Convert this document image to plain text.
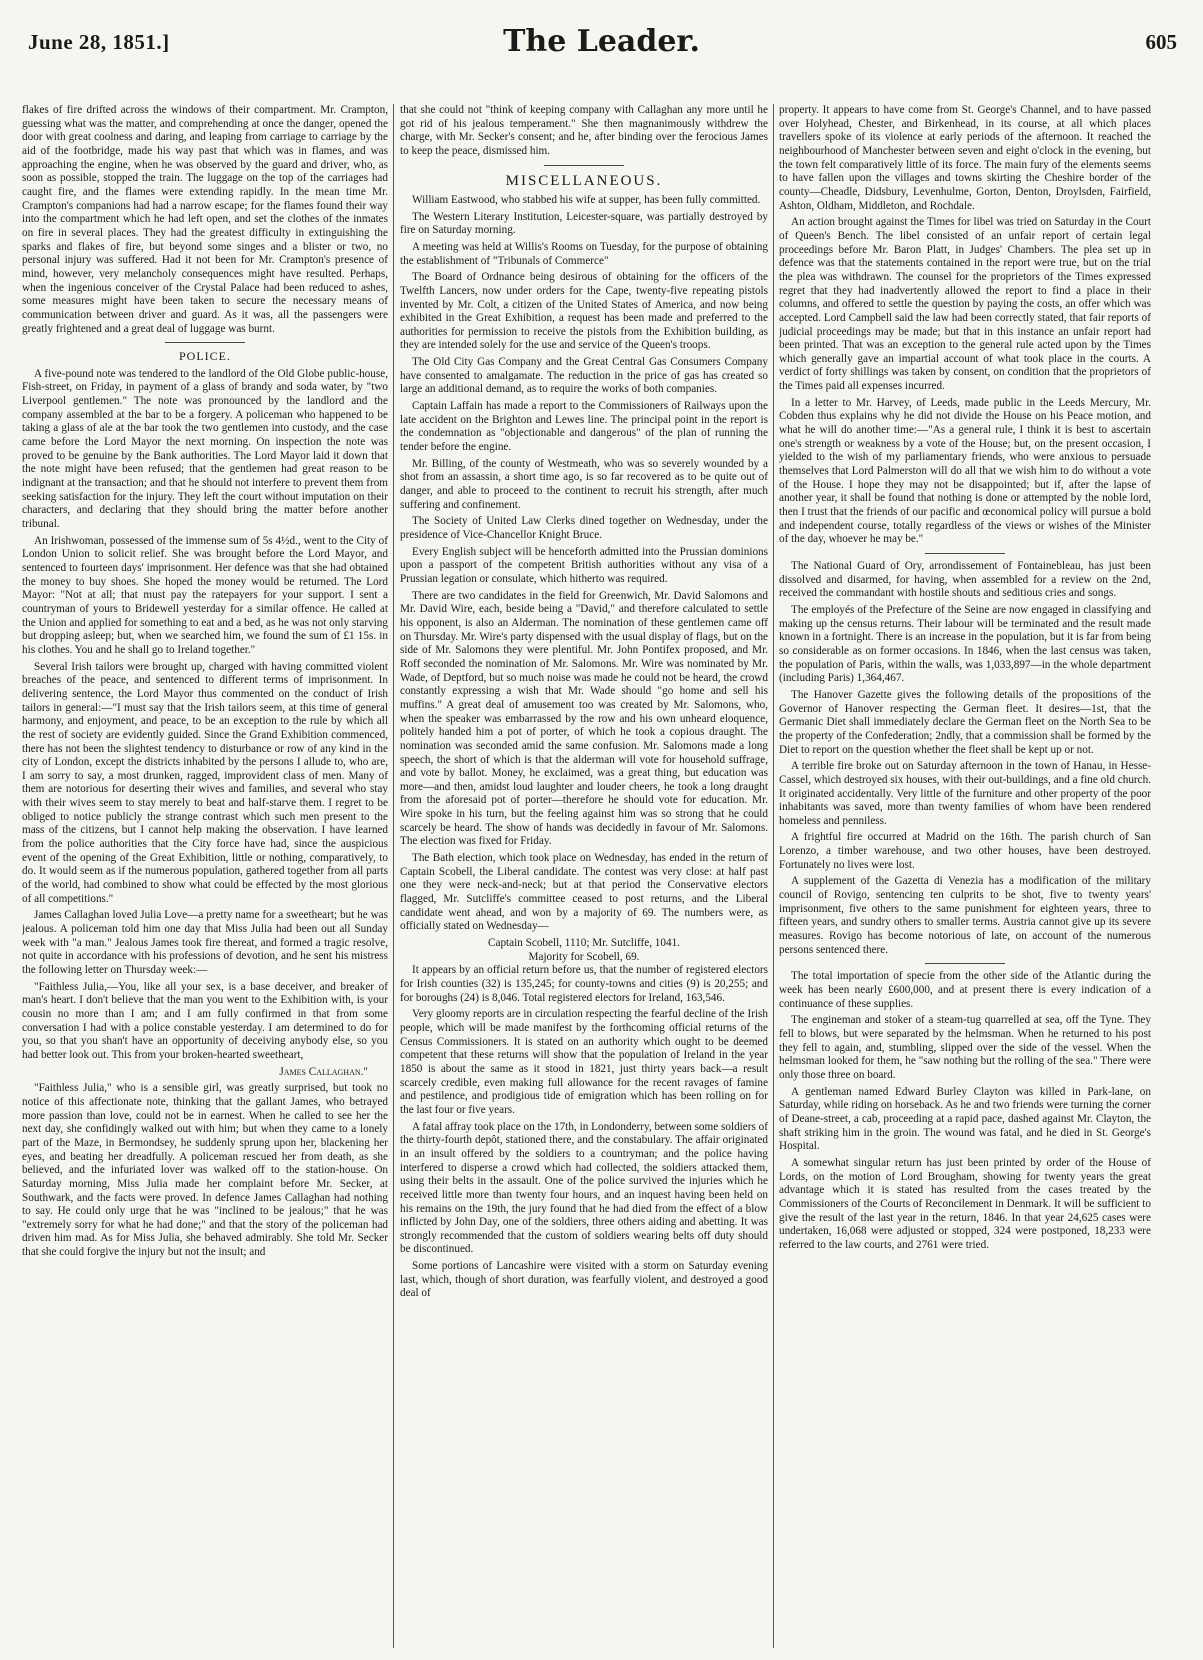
June 28, 1851.]	The Leader.	605

flakes of fire drifted across the windows of their compartment. Mr. Crampton, guessing what was the matter, and comprehending at once the danger, opened the door with great coolness and daring, and leaping from carriage to carriage by the aid of the footbridge, made his way past that which was in flames, and was approaching the engine, when he was observed by the guard and driver, who, as soon as possible, stopped the train. The luggage on the top of the carriages had caught fire, and the flames were extending rapidly. In the mean time Mr. Crampton's companions had had a narrow escape; for the flames found their way into the compartment which he had left open, and set the clothes of the inmates on fire in several places. They had the greatest difficulty in extinguishing the sparks and flakes of fire, but beyond some singes and a blister or two, no personal injury was suffered. Had it not been for Mr. Crampton's presence of mind, however, very melancholy consequences might have resulted. Perhaps, when the ingenious conceiver of the Crystal Palace had been reduced to ashes, some measures might have been taken to secure the necessary means of communication between driver and guard. As it was, all the passengers were greatly frightened and a great deal of luggage was burnt.

POLICE.

A five-pound note was tendered to the landlord of the Old Globe public-house, Fish-street, on Friday, in payment of a glass of brandy and soda water, by "two Liverpool gentlemen." The note was pronounced by the landlord and the company assembled at the bar to be a forgery. A policeman who happened to be taking a glass of ale at the bar took the two gentlemen into custody, and the case came before the Lord Mayor the next morning. On inspection the note was proved to be genuine by the Bank authorities. The Lord Mayor laid it down that the note might have been refused; that the gentlemen had great reason to be indignant at the transaction; and that he should not interfere to prevent them from seeking satisfaction for the injury. They left the court without imputation on their characters, and declaring that they should bring the matter before another tribunal.

An Irishwoman, possessed of the immense sum of 5s 4½d., went to the City of London Union to solicit relief. She was brought before the Lord Mayor, and sentenced to fourteen days' imprisonment. Her defence was that she had obtained the money to buy shoes. She hoped the money would be returned. The Lord Mayor: "Not at all; that must pay the ratepayers for your support. I sent a countryman of yours to Bridewell yesterday for a similar offence. He called at the Union and applied for something to eat and a bed, as he was not only starving but dropping asleep; but, when we searched him, we found the sum of £1 15s. in his clothes. You and he shall go to Ireland together."

Several Irish tailors were brought up, charged with having committed violent breaches of the peace, and sentenced to different terms of imprisonment. In delivering sentence, the Lord Mayor thus commented on the conduct of Irish tailors in general:—"I must say that the Irish tailors seem, at this time of general harmony, and enjoyment, and peace, to be an exception to the rule by which all the rest of society are evidently guided. Since the Grand Exhibition commenced, there has not been the slightest tendency to disturbance or row of any kind in the city of London, except the districts inhabited by the persons I allude to, who are, I am sorry to say, a most drunken, ragged, improvident class of men. Many of them are notorious for deserting their wives and families, and several who stay with their wives seem to stay merely to beat and half-starve them. I regret to be obliged to notice publicly the strange contrast which such men present to the mass of the citizens, but I cannot help making the observation. I have learned from the police authorities that the City force have had, since the auspicious event of the opening of the Great Exhibition, little or nothing, comparatively, to do. It would seem as if the numerous population, gathered together from all parts of the world, had combined to show what could be effected by the most glorious of all competitions."

James Callaghan loved Julia Love—a pretty name for a sweetheart; but he was jealous. A policeman told him one day that Miss Julia had been out all Sunday week with "a man." Jealous James took fire thereat, and formed a tragic resolve, not quite in accordance with his professions of devotion, and he sent his mistress the following letter on Thursday week:—

"Faithless Julia,—You, like all your sex, is a base deceiver, and breaker of man's heart. I don't believe that the man you went to the Exhibition with, is your cousin no more than I am; and I am fully confirmed in that from some conversation I had with a police constable yesterday. I am determined to do for you, so that you shan't have an opportunity of deceiving anybody else, so you had better look out. This from your broken-hearted sweetheart,

James Callaghan."

"Faithless Julia," who is a sensible girl, was greatly surprised, but took no notice of this affectionate note, thinking that the gallant James, who betrayed more passion than love, could not be in earnest. When he called to see her the next day, she confidingly walked out with him; but when they came to a lonely part of the Maze, in Bermondsey, he suddenly sprung upon her, blackening her eyes, and beating her dreadfully. A policeman rescued her from death, as she believed, and the infuriated lover was walked off to the station-house. On Saturday morning, Miss Julia made her complaint before Mr. Secker, at Southwark, and the facts were proved. In defence James Callaghan had nothing to say. He could only urge that he was "inclined to be jealous;" that he was "extremely sorry for what he had done;" and that the story of the policeman had driven him mad. As for Miss Julia, she behaved admirably. She told Mr. Secker that she could forgive the injury but not the insult; and

that she could not "think of keeping company with Callaghan any more until he got rid of his jealous temperament." She then magnanimously withdrew the charge, with Mr. Secker's consent; and he, after binding over the ferocious James to keep the peace, dismissed him.

MISCELLANEOUS.

William Eastwood, who stabbed his wife at supper, has been fully committed.

The Western Literary Institution, Leicester-square, was partially destroyed by fire on Saturday morning.

A meeting was held at Willis's Rooms on Tuesday, for the purpose of obtaining the establishment of "Tribunals of Commerce"

The Board of Ordnance being desirous of obtaining for the officers of the Twelfth Lancers, now under orders for the Cape, twenty-five repeating pistols invented by Mr. Colt, a citizen of the United States of America, and now being exhibited in the Great Exhibition, a request has been made and preferred to the authorities for permission to receive the pistols from the Exhibition building, as they are intended solely for the use and service of the Queen's troops.

The Old City Gas Company and the Great Central Gas Consumers Company have consented to amalgamate. The reduction in the price of gas has created so large an additional demand, as to require the works of both companies.

Captain Laffain has made a report to the Commissioners of Railways upon the late accident on the Brighton and Lewes line. The principal point in the report is the condemnation as "objectionable and dangerous" of the plan of running the tender before the engine.

Mr. Billing, of the county of Westmeath, who was so severely wounded by a shot from an assassin, a short time ago, is so far recovered as to be quite out of danger, and able to proceed to the continent to recruit his strength, after much suffering and confinement.

The Society of United Law Clerks dined together on Wednesday, under the presidence of Vice-Chancellor Knight Bruce.

Every English subject will be henceforth admitted into the Prussian dominions upon a passport of the competent British authorities without any visa of a Prussian legation or consulate, which hitherto was required.

There are two candidates in the field for Greenwich, Mr. David Salomons and Mr. David Wire, each, beside being a "David," and therefore calculated to settle his opponent, is also an Alderman. The nomination of these gentlemen came off on Thursday. Mr. Wire's party dispensed with the usual display of flags, but on the side of Mr. Salomons they were plentiful. Mr. John Pontifex proposed, and Mr. Roff seconded the nomination of Mr. Salomons. Mr. Wire was nominated by Mr. Wade, of Deptford, but so much noise was made he could not be heard, the crowd constantly expressing a wish that Mr. Wade should "go home and sell his muffins." A great deal of amusement too was created by Mr. Salomons, who, when the speaker was embarrassed by the row and his own unheard eloquence, politely handed him a pot of porter, of which he took a copious draught. The nomination was seconded amid the same confusion. Mr. Salomons made a long speech, the short of which is that the alderman will vote for household suffrage, and vote by ballot. Money, he exclaimed, was a great thing, but education was more—and then, amidst loud laughter and louder cheers, he took a long draught from the aforesaid pot of porter—therefore he should vote for education. Mr. Wire spoke in his turn, but the feeling against him was so strong that he could scarcely be heard. The show of hands was decidedly in favour of Mr. Salomons. The election was fixed for Friday.

The Bath election, which took place on Wednesday, has ended in the return of Captain Scobell, the Liberal candidate. The contest was very close: at half past one they were neck-and-neck; but at that period the Conservative electors flagged, Mr. Sutcliffe's committee ceased to post returns, and the Liberal candidate went ahead, and won by a majority of 69. The numbers were, as officially stated on Wednesday—

Captain Scobell, 1110; Mr. Sutcliffe, 1041.

Majority for Scobell, 69.

It appears by an official return before us, that the number of registered electors for Irish counties (32) is 135,245; for county-towns and cities (9) is 20,255; and for boroughs (24) is 8,046. Total registered electors for Ireland, 163,546.

Very gloomy reports are in circulation respecting the fearful decline of the Irish people, which will be made manifest by the forthcoming official returns of the Census Commissioners. It is stated on an authority which ought to be deemed competent that these returns will show that the population of Ireland in the year 1850 is about the same as it stood in 1821, just thirty years back—a result scarcely credible, even making full allowance for the recent ravages of famine and pestilence, and prodigious tide of emigration which has been rolling on for the last four or five years.

A fatal affray took place on the 17th, in Londonderry, between some soldiers of the thirty-fourth depôt, stationed there, and the constabulary. The affair originated in an insult offered by the soldiers to a countryman; and the police having interfered to disperse a crowd which had collected, the soldiers attacked them, using their belts in the assault. One of the police survived the injuries which he received little more than twenty four hours, and an inquest having been held on his remains on the 19th, the jury found that he had died from the effect of a blow inflicted by John Day, one of the soldiers, three others aiding and abetting. It was strongly recommended that the custom of soldiers wearing belts off duty should be discontinued.

Some portions of Lancashire were visited with a storm on Saturday evening last, which, though of short duration, was fearfully violent, and destroyed a good deal of

property. It appears to have come from St. George's Channel, and to have passed over Holyhead, Chester, and Birkenhead, in its course, at all which places travellers spoke of its violence at early periods of the afternoon. It reached the neighbourhood of Manchester between seven and eight o'clock in the evening, but the town felt comparatively little of its force. The main fury of the elements seems to have fallen upon the villages and towns skirting the Cheshire border of the county—Cheadle, Didsbury, Levenhulme, Gorton, Denton, Droylsden, Fairfield, Ashton, Oldham, Middleton, and Rochdale.

An action brought against the Times for libel was tried on Saturday in the Court of Queen's Bench. The libel consisted of an unfair report of certain legal proceedings before Mr. Baron Platt, in Judges' Chambers. The plea set up in defence was that the statements contained in the report were true, but on the trial the plea was withdrawn. The counsel for the proprietors of the Times expressed regret that they had inadvertently allowed the report to find a place in their columns, and offered to settle the question by paying the costs, an offer which was accepted. Lord Campbell said the law had been correctly stated, that fair reports of judicial proceedings may be made; but that in this instance an unfair report had been printed. That was an exception to the general rule acted upon by the Times which generally gave an impartial account of what took place in the courts. A verdict of forty shillings was taken by consent, on condition that the proprietors of the Times paid all expenses incurred.

In a letter to Mr. Harvey, of Leeds, made public in the Leeds Mercury, Mr. Cobden thus explains why he did not divide the House on his Peace motion, and what he will do another time:—"As a general rule, I think it is best to ascertain one's strength or weakness by a vote of the House; but, on the present occasion, I yielded to the wish of my parliamentary friends, who were anxious to persuade themselves that Lord Palmerston will do all that we wish him to do without a vote of the House. I hope they may not be disappointed; but if, after the lapse of another year, it shall be found that nothing is done or attempted by the noble lord, then I trust that the friends of our pacific and œconomical policy will pursue a bold and independent course, totally regardless of the views or wishes of the Minister of the day, whoever he may be."

The National Guard of Ory, arrondissement of Fontainebleau, has just been dissolved and disarmed, for having, when assembled for a review on the 2nd, received the commandant with hostile shouts and seditious cries and songs.

The employés of the Prefecture of the Seine are now engaged in classifying and making up the census returns. Their labour will be terminated and the result made known in a fortnight. There is an increase in the population, but it is far from being so considerable as on former occasions. In 1846, when the last census was taken, the population of Paris, within the walls, was 1,033,897—in the whole department (including Paris) 1,364,467.

The Hanover Gazette gives the following details of the propositions of the Governor of Hanover respecting the German fleet. It desires—1st, that the Germanic Diet shall immediately declare the German fleet on the North Sea to be the property of the Confederation; 2ndly, that a commission shall be formed by the Diet to report on the question whether the fleet shall be kept up or not.

A terrible fire broke out on Saturday afternoon in the town of Hanau, in Hesse-Cassel, which destroyed six houses, with their out-buildings, and a fine old church. It originated accidentally. Very little of the furniture and other property of the poor inhabitants was saved, more than twenty families of whom have been rendered homeless and penniless.

A frightful fire occurred at Madrid on the 16th. The parish church of San Lorenzo, a timber warehouse, and two other houses, have been destroyed. Fortunately no lives were lost.

A supplement of the Gazetta di Venezia has a modification of the military council of Rovigo, sentencing ten culprits to be shot, five to twenty years' imprisonment, five others to the same punishment for eighteen years, three to fifteen years, and sundry others to smaller terms. Austria cannot give up its severe measures. Rovigo has become notorious of late, on account of the numerous persons sentenced there.

The total importation of specie from the other side of the Atlantic during the week has been nearly £600,000, and at present there is every indication of a continuance of these supplies.

The engineman and stoker of a steam-tug quarrelled at sea, off the Tyne. They fell to blows, but were separated by the helmsman. When he returned to his post they fell to again, and, stumbling, slipped over the side of the vessel. When the helmsman looked for them, he "saw nothing but the rolling of the sea." There were only those three on board.

A gentleman named Edward Burley Clayton was killed in Park-lane, on Saturday, while riding on horseback. As he and two friends were turning the corner of Deane-street, a cab, proceeding at a rapid pace, dashed against Mr. Clayton, the shaft striking him in the groin. The wound was fatal, and he died in St. George's Hospital.

A somewhat singular return has just been printed by order of the House of Lords, on the motion of Lord Brougham, showing for twenty years the great advantage which it is stated has resulted from the cases treated by the Commissioners of the Courts of Reconcilement in Denmark. It will be sufficient to give the result of the last year in the return, 1846. In that year 24,625 cases were undertaken, 16,068 were adjusted or stopped, 324 were postponed, 18,233 were referred to the law courts, and 2761 were tried.
